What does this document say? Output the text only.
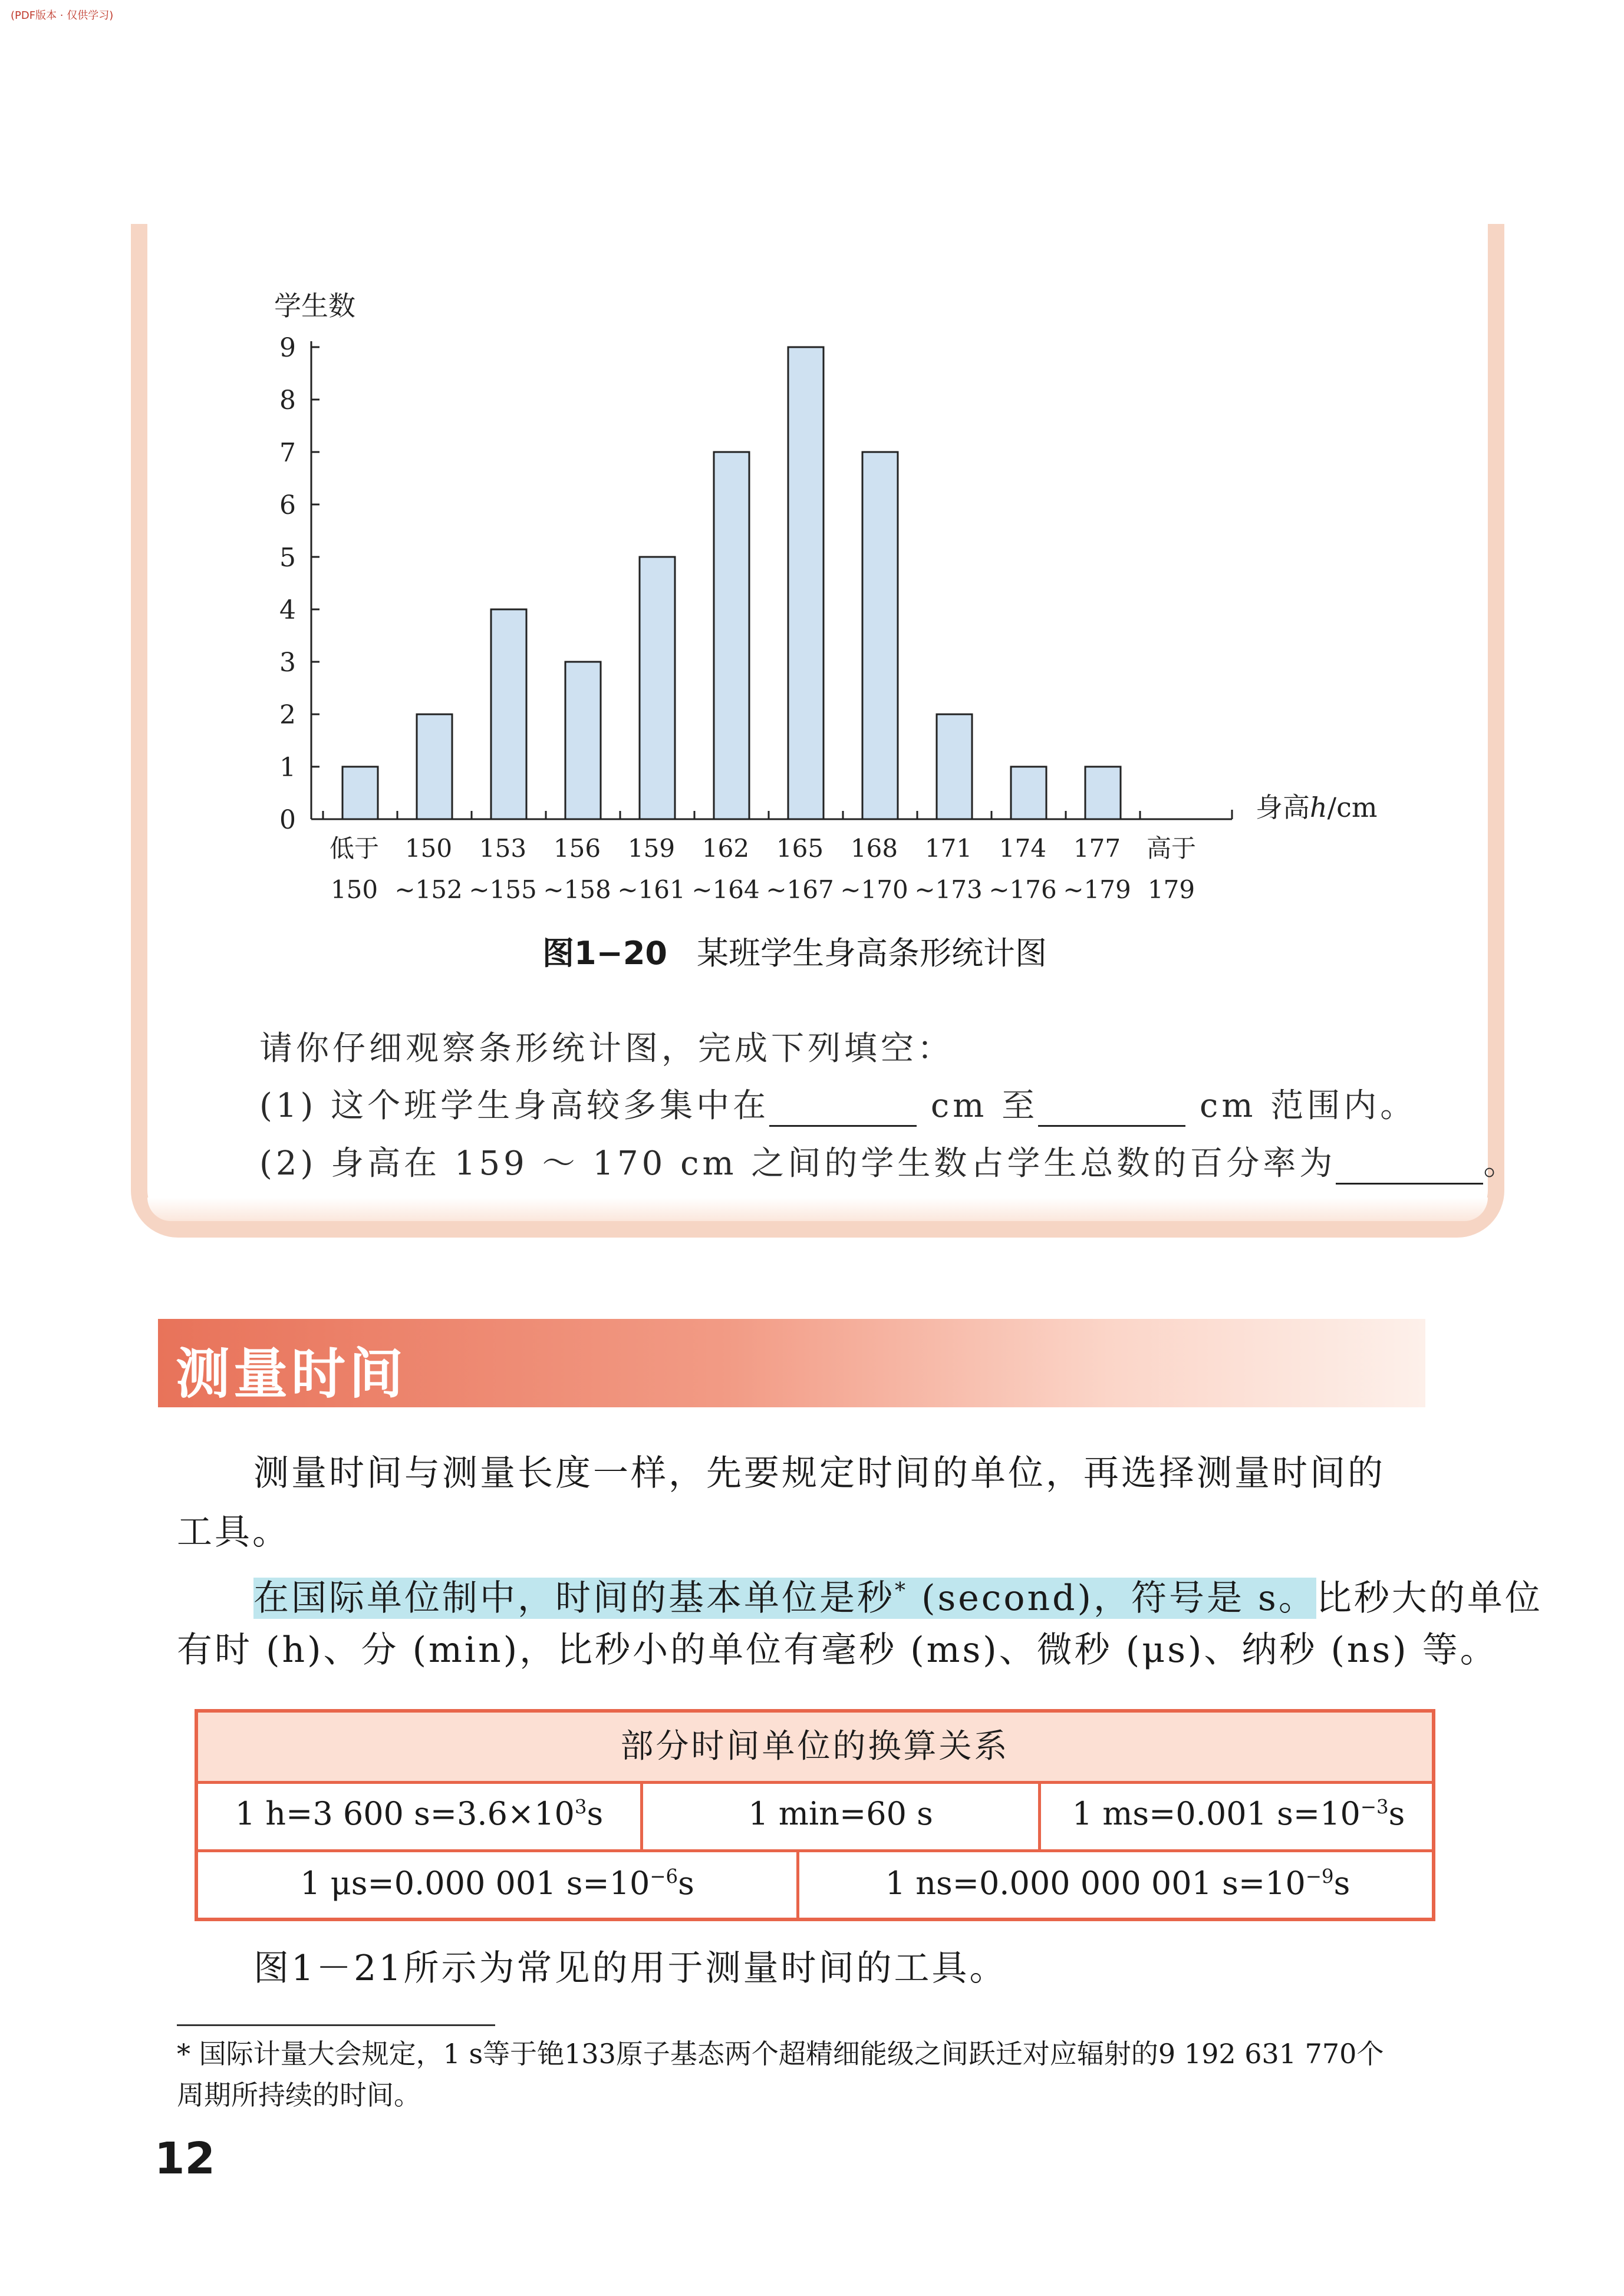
(PDF版本 · 仅供学习)
0
1
2
3
4
5
6
7
8
9
学生数
身高h/cm
低于
150
150
~152
153
~155
156
~158
159
~161
162
~164
165
~167
168
~170
171
~173
174
~176
177
~179
高于
179
图1−20 某班学生身高条形统计图
请你仔细观察条形统计图，完成下列填空：
(1) 这个班学生身高较多集中在	cm 至	cm 范围内。
(2) 身高在 159 ～ 170 cm 之间的学生数占学生总数的百分率为	。
测量时间
测量时间与测量长度一样，先要规定时间的单位，再选择测量时间的
工具。
在国际单位制中，时间的基本单位是秒* (second)，符号是 s。比秒大的单位
有时 (h)、分 (min)，比秒小的单位有毫秒 (ms)、微秒 (μs)、纳秒 (ns) 等。
部分时间单位的换算关系
1 h=3 600 $s=3.6\times 10^3s$	1 min=60 s	1 ms=0.001 $s=10^{-3}s$
1 μs=0.000 001 $s=10^{-6}s$	1 ns=0.000 000 001 $s=10^{-9}s$
图1－21所示为常见的用于测量时间的工具。
* 国际计量大会规定，1 s等于铯133原子基态两个超精细能级之间跃迁对应辐射的9 192 631 770个
周期所持续的时间。
12
